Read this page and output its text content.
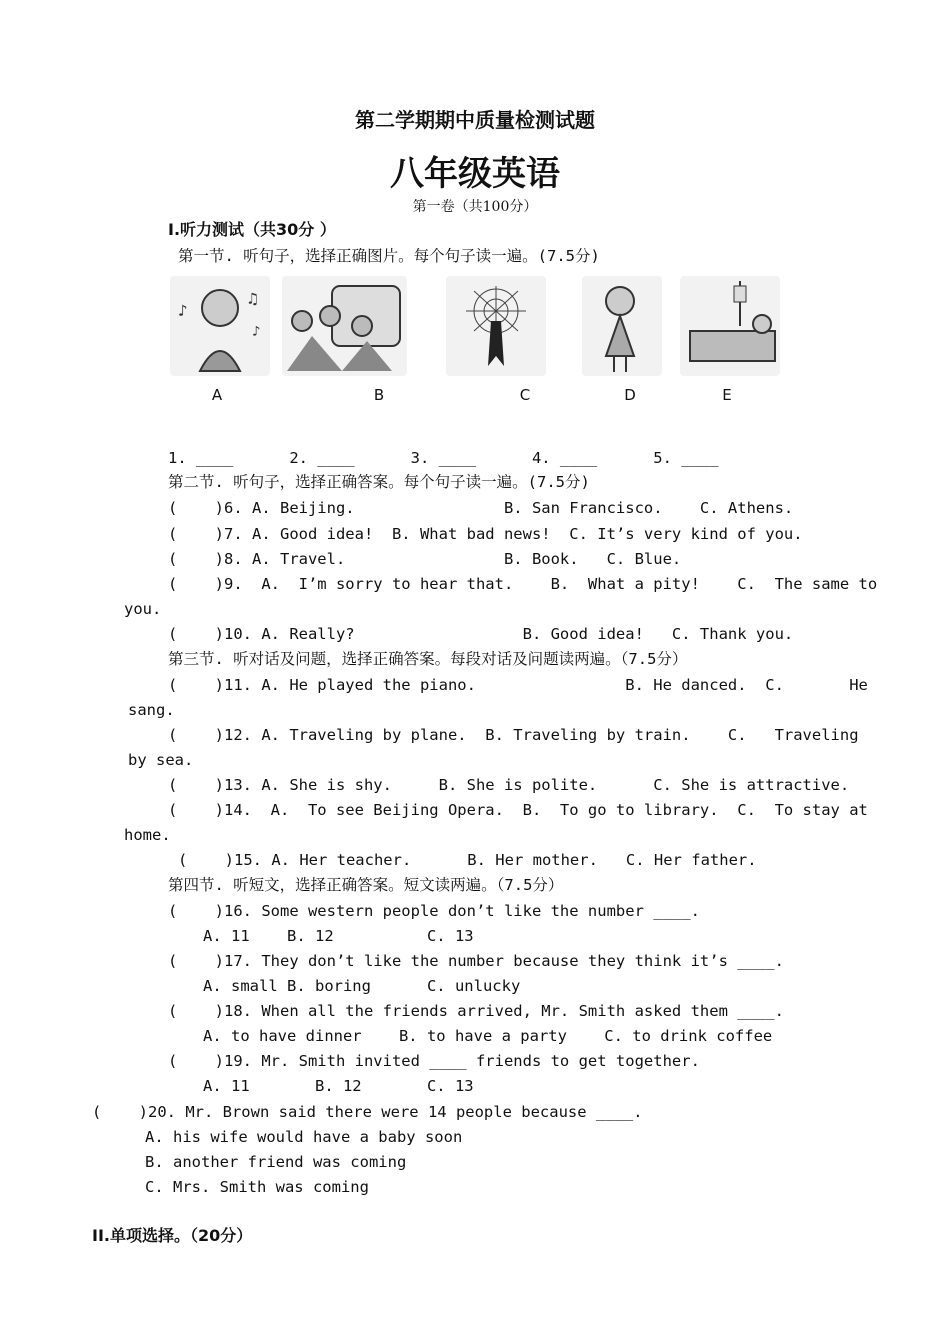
第二学期期中质量检测试题
八年级英语
第一卷（共100分）
I.听力测试（共30分 ）
第一节. 听句子，选择正确图片。每个句子读一遍。(7.5分)
♪
♫
♪
A	B	C	D	E
1. ____      2. ____      3. ____      4. ____      5. ____
第二节. 听句子，选择正确答案。每个句子读一遍。(7.5分)
(    )6. A. Beijing.                B. San Francisco.    C. Athens.
(    )7. A. Good idea!  B. What bad news!  C. It’s very kind of you.
(    )8. A. Travel.                 B. Book.   C. Blue.
(    )9.  A.  I’m sorry to hear that.    B.  What a pity!    C.  The same to
you.
(    )10. A. Really?                  B. Good idea!   C. Thank you.
第三节. 听对话及问题，选择正确答案。每段对话及问题读两遍。（7.5分）
(    )11. A. He played the piano.                B. He danced.  C.       He
sang.
(    )12. A. Traveling by plane.  B. Traveling by train.    C.   Traveling
by sea.
(    )13. A. She is shy.     B. She is polite.      C. She is attractive.
(    )14.  A.  To see Beijing Opera.  B.  To go to library.  C.  To stay at
home.
(    )15. A. Her teacher.      B. Her mother.   C. Her father.
第四节. 听短文，选择正确答案。短文读两遍。（7.5分）
(    )16. Some western people don’t like the number ____.
A. 11    B. 12          C. 13
(    )17. They don’t like the number because they think it’s ____.
A. small B. boring      C. unlucky
(    )18. When all the friends arrived, Mr. Smith asked them ____.
A. to have dinner    B. to have a party    C. to drink coffee
(    )19. Mr. Smith invited ____ friends to get together.
A. 11       B. 12       C. 13
(    )20. Mr. Brown said there were 14 people because ____.
A. his wife would have a baby soon
B. another friend was coming
C. Mrs. Smith was coming
II.单项选择。（20分）
